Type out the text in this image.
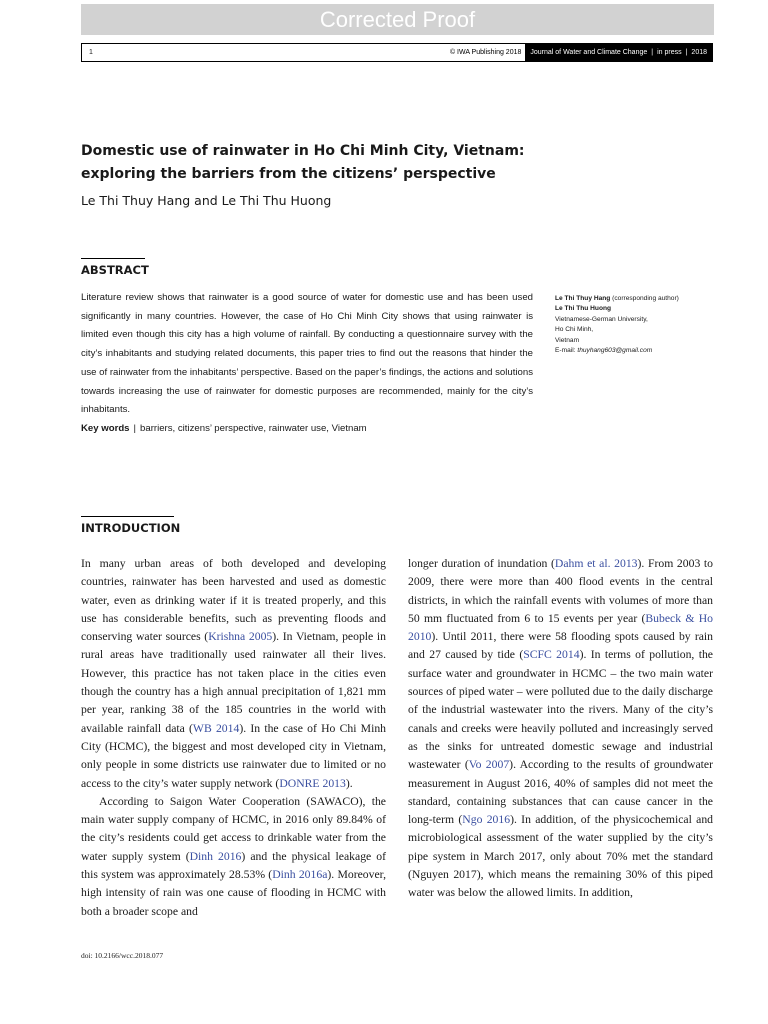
Corrected Proof
1	© IWA Publishing 2018	Journal of Water and Climate Change | in press | 2018
Domestic use of rainwater in Ho Chi Minh City, Vietnam:
exploring the barriers from the citizens’ perspective
Le Thi Thuy Hang and Le Thi Thu Huong
ABSTRACT

Literature review shows that rainwater is a good source of water for domestic use and has been used significantly in many countries. However, the case of Ho Chi Minh City shows that using rainwater is limited even though this city has a high volume of rainfall. By conducting a questionnaire survey with the city’s inhabitants and studying related documents, this paper tries to find out the reasons that hinder the use of rainwater from the inhabitants’ perspective. Based on the paper’s findings, the actions and solutions towards increasing the use of rainwater for domestic purposes are recommended, mainly for the city’s inhabitants.

Key words | barriers, citizens’ perspective, rainwater use, Vietnam
Le Thi Thuy Hang (corresponding author)
Le Thi Thu Huong
Vietnamese-German University,
Ho Chi Minh,
Vietnam
E-mail: thuyhang603@gmail.com
INTRODUCTION

In many urban areas of both developed and developing countries, rainwater has been harvested and used as domestic water, even as drinking water if it is treated properly, and this use has considerable benefits, such as preventing floods and conserving water sources (Krishna 2005). In Vietnam, people in rural areas have traditionally used rainwater all their lives. However, this practice has not taken place in the cities even though the country has a high annual precipitation of 1,821 mm per year, ranking 38 of the 185 countries in the world with available rainfall data (WB 2014). In the case of Ho Chi Minh City (HCMC), the biggest and most developed city in Vietnam, only people in some districts use rainwater due to limited or no access to the city’s water supply network (DONRE 2013).

According to Saigon Water Cooperation (SAWACO), the main water supply company of HCMC, in 2016 only 89.84% of the city’s residents could get access to drinkable water from the water supply system (Dinh 2016) and the physical leakage of this system was approximately 28.53% (Dinh 2016a). Moreover, high intensity of rain was one cause of flooding in HCMC with both a broader scope and

longer duration of inundation (Dahm et al. 2013). From 2003 to 2009, there were more than 400 flood events in the central districts, in which the rainfall events with volumes of more than 50 mm fluctuated from 6 to 15 events per year (Bubeck & Ho 2010). Until 2011, there were 58 flooding spots caused by rain and 27 caused by tide (SCFC 2014). In terms of pollution, the surface water and groundwater in HCMC – the two main water sources of piped water – were polluted due to the daily discharge of the industrial wastewater into the rivers. Many of the city’s canals and creeks were heavily polluted and increasingly served as the sinks for untreated domestic sewage and industrial wastewater (Vo 2007). According to the results of groundwater measurement in August 2016, 40% of samples did not meet the standard, containing substances that can cause cancer in the long-term (Ngo 2016). In addition, of the physicochemical and microbiological assessment of the water supplied by the city’s pipe system in March 2017, only about 70% met the standard (Nguyen 2017), which means the remaining 30% of this piped water was below the allowed limits. In addition,

doi: 10.2166/wcc.2018.077
